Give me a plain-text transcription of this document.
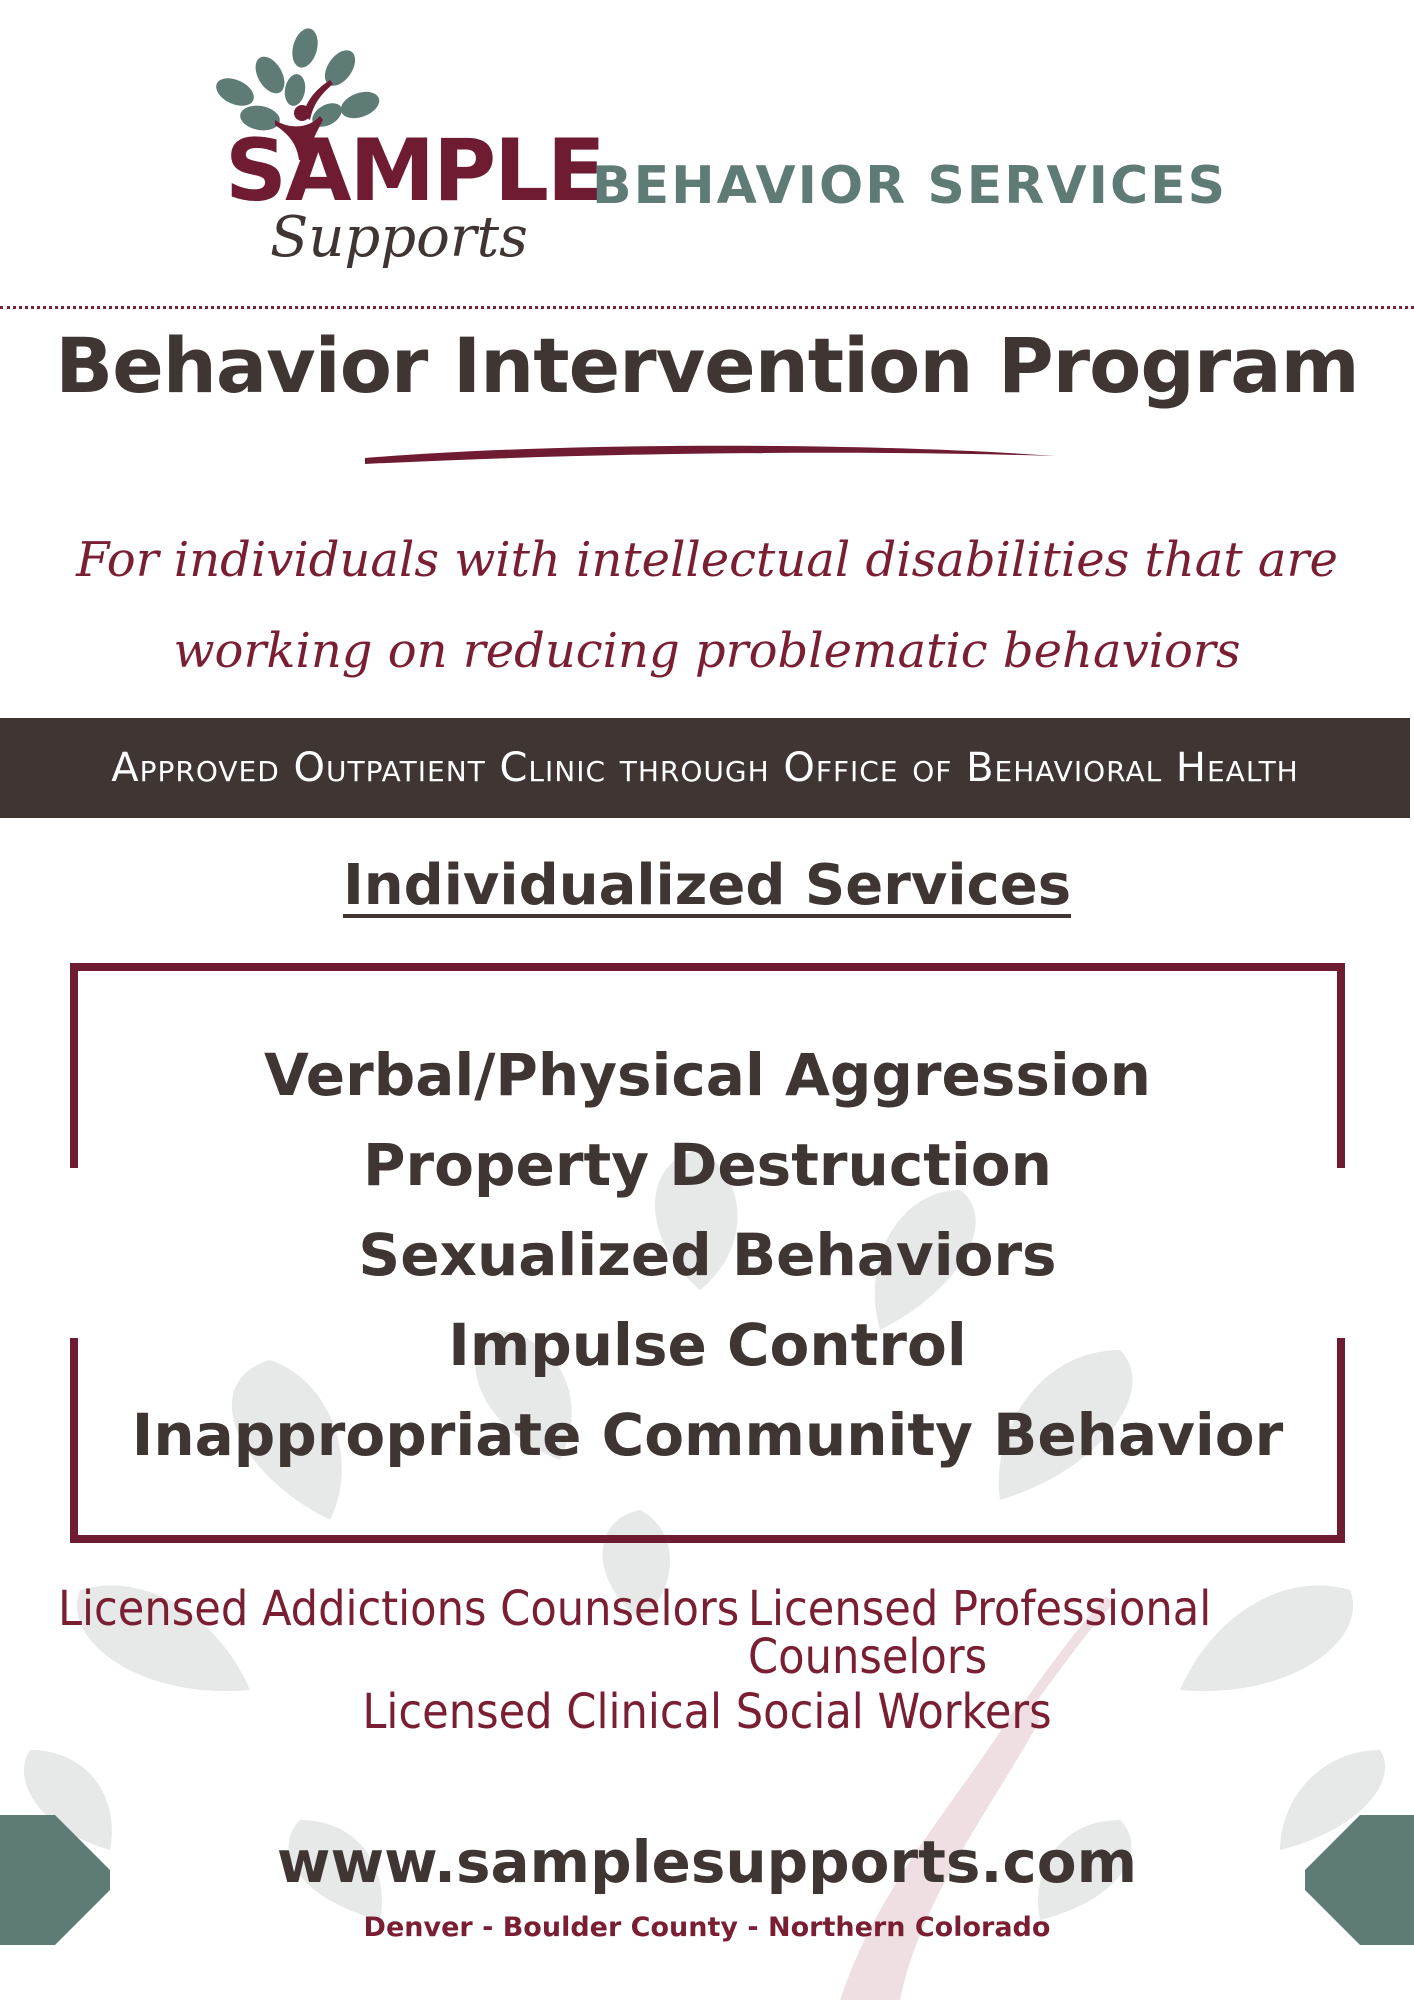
SAMPLE
Supports
BEHAVIOR SERVICES
Behavior Intervention Program
For individuals with intellectual disabilities that are working on reducing problematic behaviors
Approved Outpatient Clinic through Office of Behavioral Health
Individualized Services
Verbal/Physical Aggression
Property Destruction
Sexualized Behaviors
Impulse Control
Inappropriate Community Behavior
Licensed Addictions Counselors Licensed Professional Counselors
Licensed Clinical Social Workers
www.samplesupports.com
Denver - Boulder County - Northern Colorado
